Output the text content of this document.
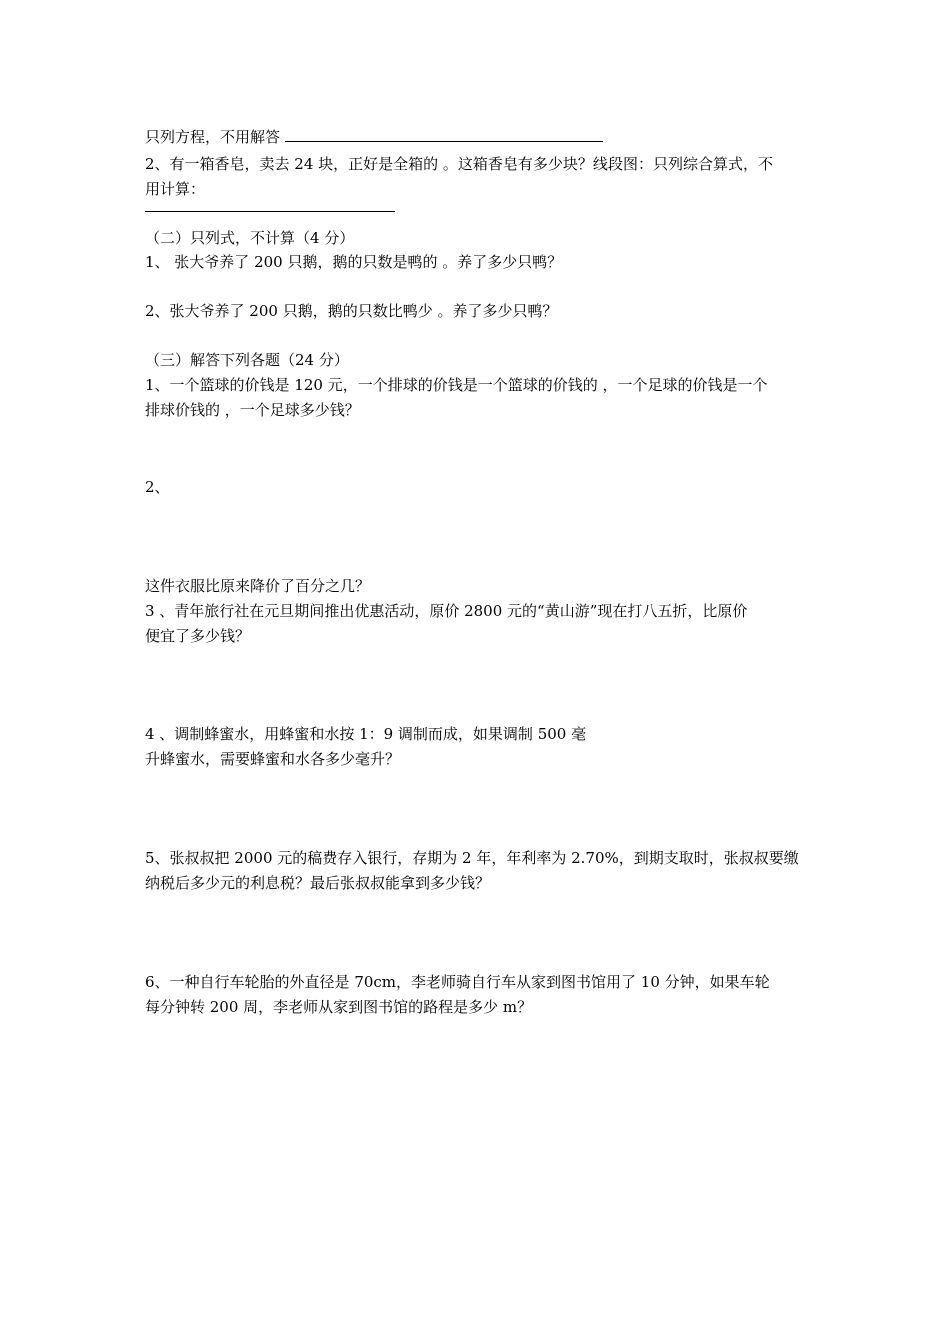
只列方程，不用解答
2、有一箱香皂，卖去 24 块，正好是全箱的 。这箱香皂有多少块？线段图：只列综合算式，不
用计算：
（二）只列式，不计算（4 分）
1、 张大爷养了 200 只鹅，鹅的只数是鸭的 。养了多少只鸭？
2、张大爷养了 200 只鹅，鹅的只数比鸭少 。养了多少只鸭？
（三）解答下列各题（24 分）
1、一个篮球的价钱是 120 元，一个排球的价钱是一个篮球的价钱的 ，一个足球的价钱是一个
排球价钱的 ，一个足球多少钱？
2、
这件衣服比原来降价了百分之几？
3 、青年旅行社在元旦期间推出优惠活动，原价 2800 元的“黄山游”现在打八五折，比原价
便宜了多少钱？
4 、调制蜂蜜水，用蜂蜜和水按 1：9 调制而成，如果调制 500 毫
升蜂蜜水，需要蜂蜜和水各多少毫升？
5、张叔叔把 2000 元的稿费存入银行，存期为 2 年，年利率为 2.70%，到期支取时，张叔叔要缴
纳税后多少元的利息税？最后张叔叔能拿到多少钱？
6、一种自行车轮胎的外直径是 70cm，李老师骑自行车从家到图书馆用了 10 分钟，如果车轮
每分钟转 200 周，李老师从家到图书馆的路程是多少 m？
